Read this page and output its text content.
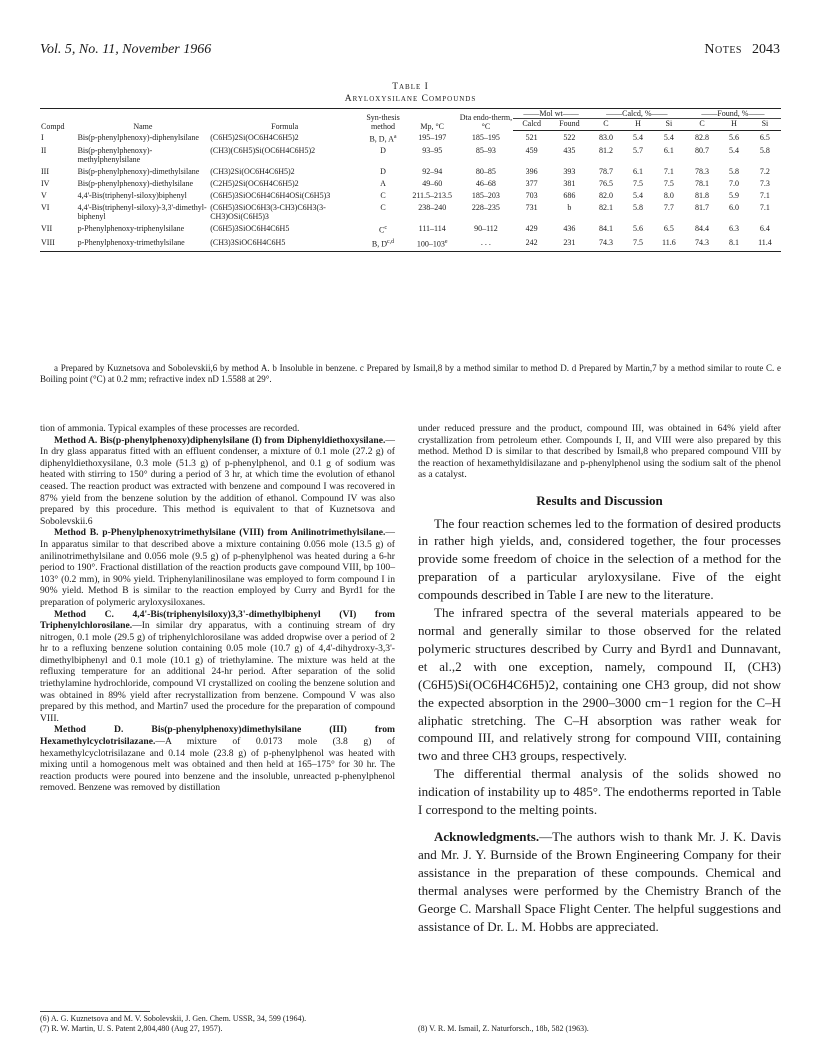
Vol. 5, No. 11, November 1966	Notes 2043
Table I
Aryloxysilane Compounds
Compd	Name	Formula	Syn-thesis method	Mp, °C	Dta endo-therm, °C	——Mol wt——		——Calcd, %——			——Found, %——		
						Calcd	Found	C	H	Si	C	H	Si
I	Bis(p-phenylphenoxy)-diphenylsilane	(C6H5)2Si(OC6H4C6H5)2	B, D, $A^a$	195–197	185–195	521	522	83.0	5.4	5.4	82.8	5.6	6.5
II	Bis(p-phenylphenoxy)-methylphenylsilane	(CH3)(C6H5)Si(OC6H4C6H5)2	D	93–95	85–93	459	435	81.2	5.7	6.1	80.7	5.4	5.8
III	Bis(p-phenylphenoxy)-dimethylsilane	(CH3)2Si(OC6H4C6H5)2	D	92–94	80–85	396	393	78.7	6.1	7.1	78.3	5.8	7.2
IV	Bis(p-phenylphenoxy)-diethylsilane	(C2H5)2Si(OC6H4C6H5)2	A	49–60	46–68	377	381	76.5	7.5	7.5	78.1	7.0	7.3
V	4,4'-Bis(triphenyl-siloxy)biphenyl	(C6H5)3SiOC6H4C6H4OSi(C6H5)3	C	211.5–213.5	185–203	703	686	82.0	5.4	8.0	81.8	5.9	7.1
VI	4,4'-Bis(triphenyl-siloxy)-3,3'-dimethyl-biphenyl	(C6H5)3SiOC6H3(3-CH3)C6H3(3-CH3)OSi(C6H5)3	C	238–240	228–235	731	b	82.1	5.8	7.7	81.7	6.0	7.1
VII	p-Phenylphenoxy-triphenylsilane	(C6H5)3SiOC6H4C6H5	$C^c$	111–114	90–112	429	436	84.1	5.6	6.5	84.4	6.3	6.4
VIII	p-Phenylphenoxy-trimethylsilane	(CH3)3SiOC6H4C6H5	B, D$^{c,d}$	100–103e	. . .	242	231	74.3	7.5	11.6	74.3	8.1	11.4
a Prepared by Kuznetsova and Sobolevskii,6 by method A. b Insoluble in benzene. c Prepared by Ismail,8 by a method similar to method D. d Prepared by Martin,7 by a method similar to route C. e Boiling point (°C) at 0.2 mm; refractive index nD 1.5588 at 29°.

tion of ammonia. Typical examples of these processes are recorded.

Method A. Bis(p-phenylphenoxy)diphenylsilane (I) from Diphenyldiethoxysilane.—In dry glass apparatus fitted with an effluent condenser, a mixture of 0.1 mole (27.2 g) of diphenyldiethoxysilane, 0.3 mole (51.3 g) of p-phenylphenol, and 0.1 g of sodium was heated with stirring to 150° during a period of 3 hr, at which time the evolution of ethanol ceased. The reaction product was extracted with benzene and compound I was recovered in 87% yield from the benzene solution by the addition of ethanol. Compound IV was also prepared by this procedure. This method is equivalent to that of Kuznetsova and Sobolevskii.6

Method B. p-Phenylphenoxytrimethylsilane (VIII) from Anilinotrimethylsilane.—In apparatus similar to that described above a mixture containing 0.056 mole (13.5 g) of anilinotrimethylsilane and 0.056 mole (9.5 g) of p-phenylphenol was heated during a 6-hr period to 190°. Fractional distillation of the reaction products gave compound VIII, bp 100–103° (0.2 mm), in 90% yield. Triphenylanilinosilane was employed to form compound I in 90% yield. Method B is similar to the reaction employed by Curry and Byrd1 for the preparation of polymeric aryloxysiloxanes.

Method C. 4,4'-Bis(triphenylsiloxy)3,3'-dimethylbiphenyl (VI) from Triphenylchlorosilane.—In similar dry apparatus, with a continuing stream of dry nitrogen, 0.1 mole (29.5 g) of triphenylchlorosilane was added dropwise over a period of 2 hr to a refluxing benzene solution containing 0.05 mole (10.7 g) of 4,4'-dihydroxy-3,3'-dimethylbiphenyl and 0.1 mole (10.1 g) of triethylamine. The mixture was held at the refluxing temperature for an additional 24-hr period. After separation of the solid triethylamine hydrochloride, compound VI crystallized on cooling the benzene solution and was obtained in 89% yield after recrystallization from benzene. Compound V was also prepared by this method, and Martin7 used the procedure for the preparation of compound VIII.

Method D. Bis(p-phenylphenoxy)dimethylsilane (III) from Hexamethylcyclotrisilazane.—A mixture of 0.0173 mole (3.8 g) of hexamethylcyclotrisilazane and 0.14 mole (23.8 g) of p-phenylphenol was heated with mixing until a homogenous melt was obtained and then held at 165–175° for 30 hr. The reaction products were poured into benzene and the insoluble, unreacted p-phenylphenol removed. Benzene was removed by distillation

under reduced pressure and the product, compound III, was obtained in 64% yield after crystallization from petroleum ether. Compounds I, II, and VIII were also prepared by this method. Method D is similar to that described by Ismail,8 who prepared compound VIII by the reaction of hexamethyldisilazane and p-phenylphenol using the sodium salt of the phenol as a catalyst.

Results and Discussion

The four reaction schemes led to the formation of desired products in rather high yields, and, considered together, the four processes provide some freedom of choice in the selection of a method for the preparation of a particular aryloxysilane. Five of the eight compounds described in Table I are new to the literature.

The infrared spectra of the several materials appeared to be normal and generally similar to those observed for the related polymeric structures described by Curry and Byrd1 and Dunnavant, et al.,2 with one exception, namely, compound II, (CH3)(C6H5)Si(OC6H4C6H5)2, containing one CH3 group, did not show the expected absorption in the 2900–3000 cm−1 region for the C–H aliphatic stretching. The C–H absorption was rather weak for compound III, and relatively strong for compound VIII, containing two and three CH3 groups, respectively.

The differential thermal analysis of the solids showed no indication of instability up to 485°. The endotherms reported in Table I correspond to the melting points.

Acknowledgments.—The authors wish to thank Mr. J. K. Davis and Mr. J. Y. Burnside of the Brown Engineering Company for their assistance in the preparation of these compounds. Chemical and thermal analyses were performed by the Chemistry Branch of the George C. Marshall Space Flight Center. The helpful suggestions and assistance of Dr. L. M. Hobbs are appreciated.

(6) A. G. Kuznetsova and M. V. Sobolevskii, J. Gen. Chem. USSR, 34, 599 (1964).

(7) R. W. Martin, U. S. Patent 2,804,480 (Aug 27, 1957).	(8) V. R. M. Ismail, Z. Naturforsch., 18b, 582 (1963).
